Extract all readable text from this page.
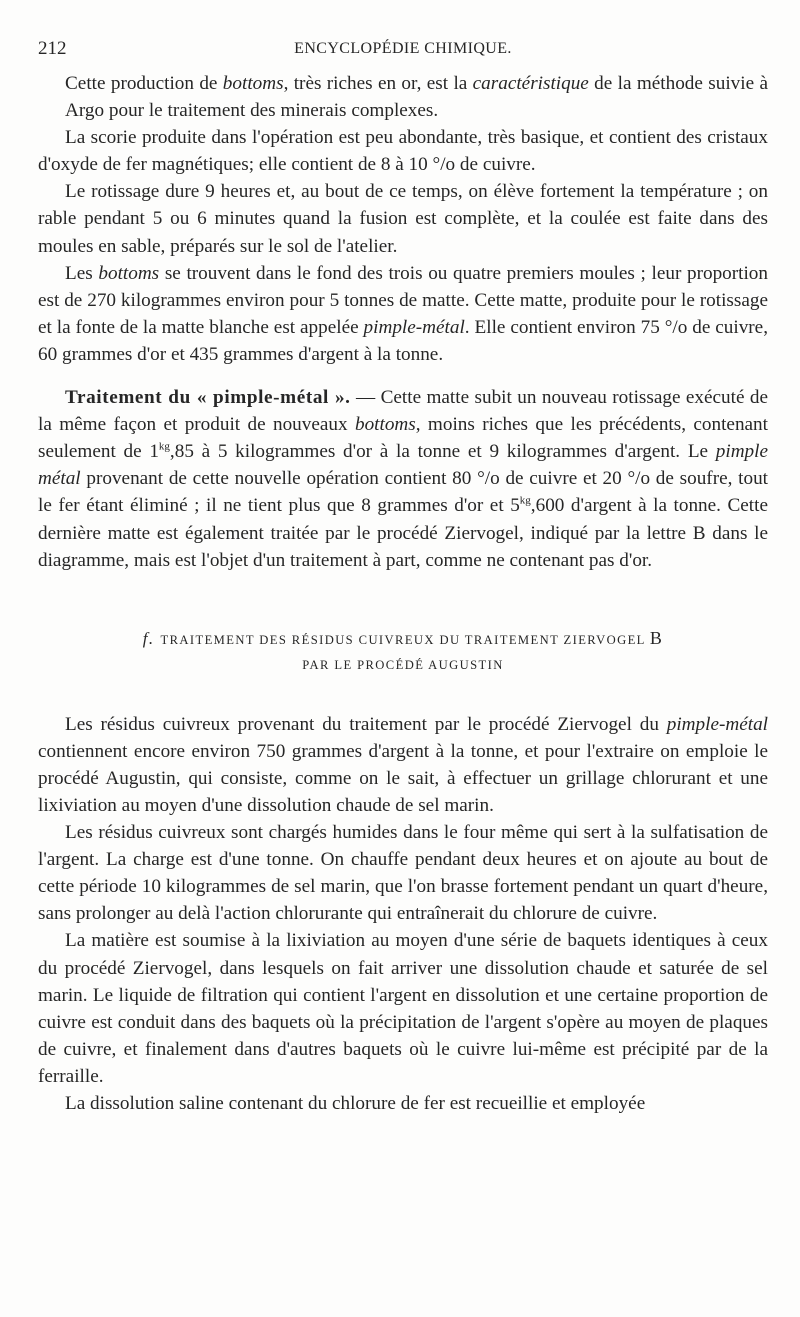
212	ENCYCLOPÉDIE CHIMIQUE.

Cette production de bottoms, très riches en or, est la caractéristique de la méthode suivie à Argo pour le traitement des minerais complexes.

La scorie produite dans l'opération est peu abondante, très basique, et contient des cristaux d'oxyde de fer magnétiques; elle contient de 8 à 10 °/o de cuivre.

Le rotissage dure 9 heures et, au bout de ce temps, on élève fortement la température ; on rable pendant 5 ou 6 minutes quand la fusion est complète, et la coulée est faite dans des moules en sable, préparés sur le sol de l'atelier.

Les bottoms se trouvent dans le fond des trois ou quatre premiers moules ; leur proportion est de 270 kilogrammes environ pour 5 tonnes de matte. Cette matte, produite pour le rotissage et la fonte de la matte blanche est appelée pimple-métal. Elle contient environ 75 °/o de cuivre, 60 grammes d'or et 435 grammes d'argent à la tonne.

Traitement du « pimple-métal ». — Cette matte subit un nouveau rotissage exécuté de la même façon et produit de nouveaux bottoms, moins riches que les précédents, contenant seulement de $1^{kg},85$ à 5 kilogrammes d'or à la tonne et 9 kilogrammes d'argent. Le pimple métal provenant de cette nouvelle opération contient 80 °/o de cuivre et 20 °/o de soufre, tout le fer étant éliminé ; il ne tient plus que 8 grammes d'or et $5^{kg},600$ d'argent à la tonne. Cette dernière matte est également traitée par le procédé Ziervogel, indiqué par la lettre B dans le diagramme, mais est l'objet d'un traitement à part, comme ne contenant pas d'or.

f. TRAITEMENT DES RÉSIDUS CUIVREUX DU TRAITEMENT ZIERVOGEL B
PAR LE PROCÉDÉ AUGUSTIN

Les résidus cuivreux provenant du traitement par le procédé Ziervogel du pimple-métal contiennent encore environ 750 grammes d'argent à la tonne, et pour l'extraire on emploie le procédé Augustin, qui consiste, comme on le sait, à effectuer un grillage chlorurant et une lixiviation au moyen d'une dissolution chaude de sel marin.

Les résidus cuivreux sont chargés humides dans le four même qui sert à la sulfatisation de l'argent. La charge est d'une tonne. On chauffe pendant deux heures et on ajoute au bout de cette période 10 kilogrammes de sel marin, que l'on brasse fortement pendant un quart d'heure, sans prolonger au delà l'action chlorurante qui entraînerait du chlorure de cuivre.

La matière est soumise à la lixiviation au moyen d'une série de baquets identiques à ceux du procédé Ziervogel, dans lesquels on fait arriver une dissolution chaude et saturée de sel marin. Le liquide de filtration qui contient l'argent en dissolution et une certaine proportion de cuivre est conduit dans des baquets où la précipitation de l'argent s'opère au moyen de plaques de cuivre, et finalement dans d'autres baquets où le cuivre lui-même est précipité par de la ferraille.

La dissolution saline contenant du chlorure de fer est recueillie et employée
